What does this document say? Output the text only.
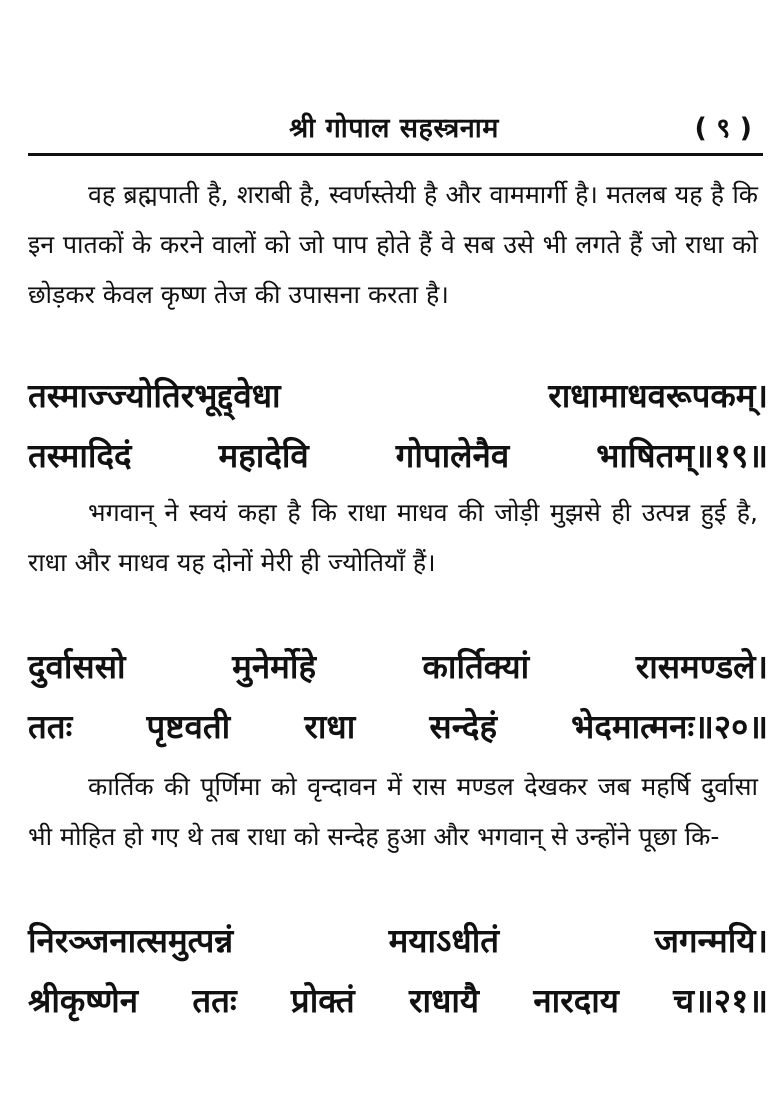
श्री गोपाल सहस्त्रनाम	( ९ )

वह ब्रह्मपाती है, शराबी है, स्वर्णस्तेयी है और वाममार्गी है। मतलब यह है कि इन पातकों के करने वालों को जो पाप होते हैं वे सब उसे भी लगते हैं जो राधा को छोड़कर केवल कृष्ण तेज की उपासना करता है।

तस्माज्ज्योतिरभूद्द्वेधा राधामाधवरूपकम्।
तस्मादिदं महादेवि गोपालेनैव भाषितम्॥१९॥

भगवान् ने स्वयं कहा है कि राधा माधव की जोड़ी मुझसे ही उत्पन्न हुई है, राधा और माधव यह दोनों मेरी ही ज्योतियाँ हैं।

दुर्वाससो मुनेर्मोहे कार्तिक्यां रासमण्डले।
ततः पृष्टवती राधा सन्देहं भेदमात्मनः॥२०॥

कार्तिक की पूर्णिमा को वृन्दावन में रास मण्डल देखकर जब महर्षि दुर्वासा भी मोहित हो गए थे तब राधा को सन्देह हुआ और भगवान् से उन्होंने पूछा कि-

निरञ्जनात्समुत्पन्नं मयाऽधीतं जगन्मयि।
श्रीकृष्णेन ततः प्रोक्तं राधायै नारदाय च॥२१॥
